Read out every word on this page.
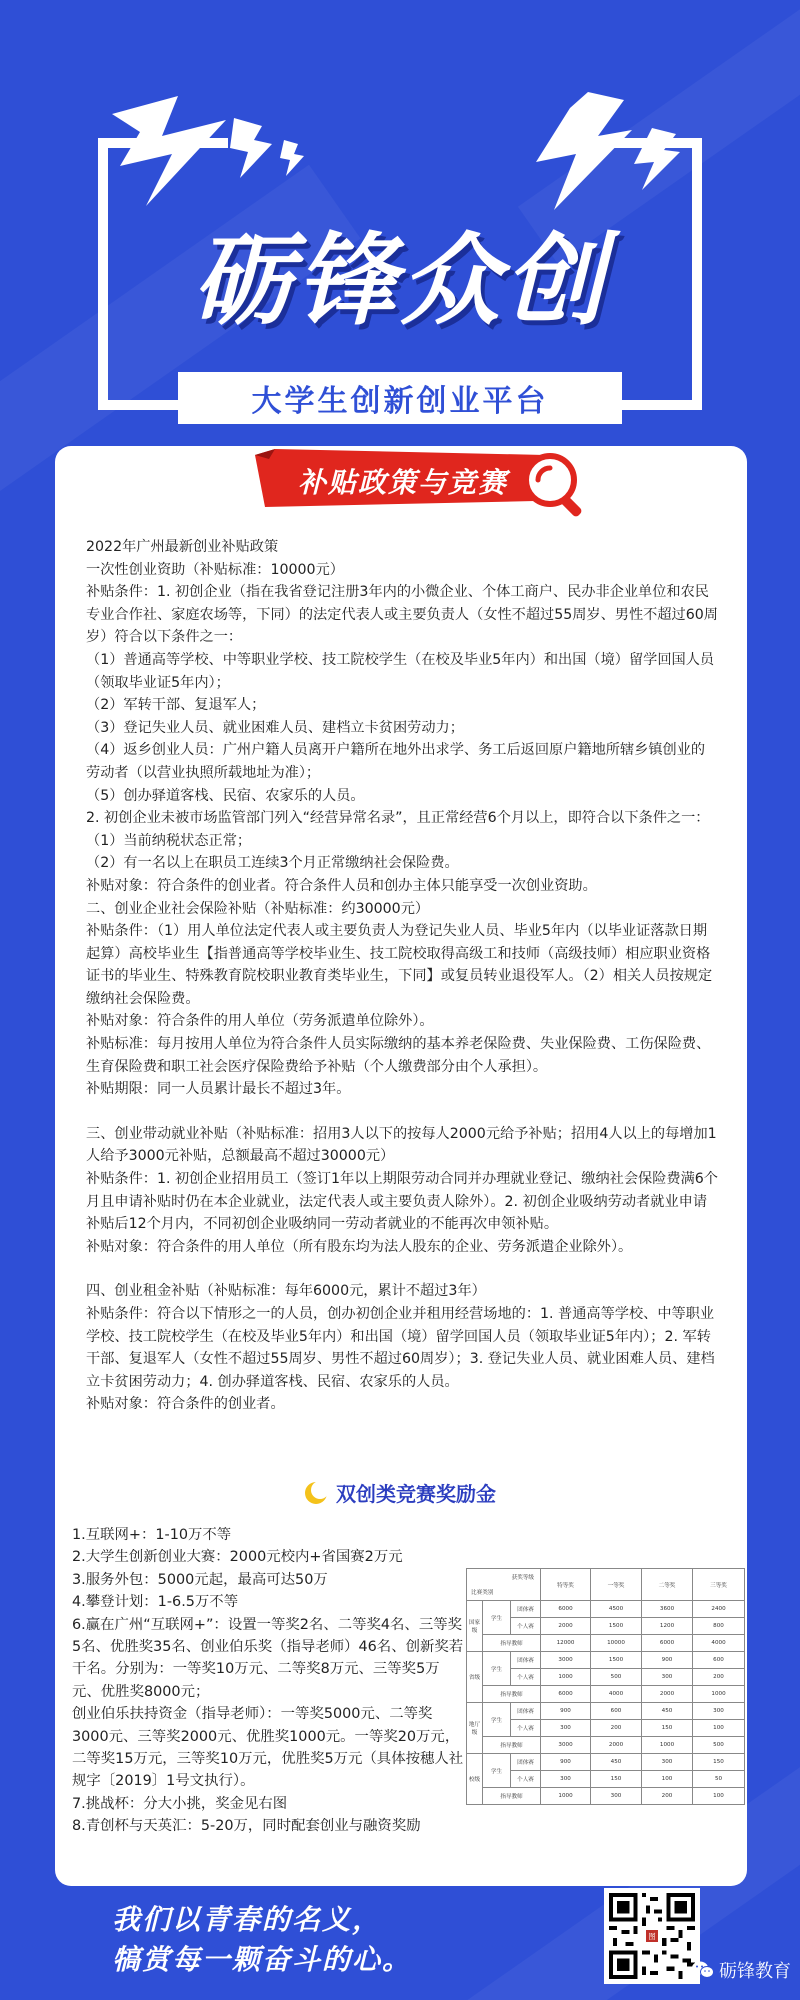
砺锋众创
大学生创新创业平台
补贴政策与竞赛

2022年广州最新创业补贴政策

一次性创业资助（补贴标准：10000元）

补贴条件：1. 初创企业（指在我省登记注册3年内的小微企业、个体工商户、民办非企业单位和农民专业合作社、家庭农场等，下同）的法定代表人或主要负责人（女性不超过55周岁、男性不超过60周岁）符合以下条件之一：

（1）普通高等学校、中等职业学校、技工院校学生（在校及毕业5年内）和出国（境）留学回国人员（领取毕业证5年内）；

（2）军转干部、复退军人；

（3）登记失业人员、就业困难人员、建档立卡贫困劳动力；

（4）返乡创业人员：广州户籍人员离开户籍所在地外出求学、务工后返回原户籍地所辖乡镇创业的劳动者（以营业执照所载地址为准）；

（5）创办驿道客栈、民宿、农家乐的人员。

2. 初创企业未被市场监管部门列入“经营异常名录”，且正常经营6个月以上，即符合以下条件之一：

（1）当前纳税状态正常；

（2）有一名以上在职员工连续3个月正常缴纳社会保险费。

补贴对象：符合条件的创业者。符合条件人员和创办主体只能享受一次创业资助。

二、创业企业社会保险补贴（补贴标准：约30000元）

补贴条件：（1）用人单位法定代表人或主要负责人为登记失业人员、毕业5年内（以毕业证落款日期起算）高校毕业生【指普通高等学校毕业生、技工院校取得高级工和技师（高级技师）相应职业资格证书的毕业生、特殊教育院校职业教育类毕业生，下同】或复员转业退役军人。（2）相关人员按规定缴纳社会保险费。

补贴对象：符合条件的用人单位（劳务派遣单位除外）。

补贴标准：每月按用人单位为符合条件人员实际缴纳的基本养老保险费、失业保险费、工伤保险费、生育保险费和职工社会医疗保险费给予补贴（个人缴费部分由个人承担）。

补贴期限：同一人员累计最长不超过3年。

三、创业带动就业补贴（补贴标准：招用3人以下的按每人2000元给予补贴；招用4人以上的每增加1人给予3000元补贴，总额最高不超过30000元）

补贴条件：1. 初创企业招用员工（签订1年以上期限劳动合同并办理就业登记、缴纳社会保险费满6个月且申请补贴时仍在本企业就业，法定代表人或主要负责人除外）。2. 初创企业吸纳劳动者就业申请补贴后12个月内，不同初创企业吸纳同一劳动者就业的不能再次申领补贴。

补贴对象：符合条件的用人单位（所有股东均为法人股东的企业、劳务派遣企业除外）。

四、创业租金补贴（补贴标准：每年6000元，累计不超过3年）

补贴条件：符合以下情形之一的人员，创办初创企业并租用经营场地的：1. 普通高等学校、中等职业学校、技工院校学生（在校及毕业5年内）和出国（境）留学回国人员（领取毕业证5年内）；2. 军转干部、复退军人（女性不超过55周岁、男性不超过60周岁）；3. 登记失业人员、就业困难人员、建档立卡贫困劳动力；4. 创办驿道客栈、民宿、农家乐的人员。

补贴对象：符合条件的创业者。

双创类竞赛奖励金

1.互联网+：1-10万不等

2.大学生创新创业大赛：2000元校内+省国赛2万元

3.服务外包：5000元起，最高可达50万

4.攀登计划：1-6.5万不等

6.赢在广州“互联网+”：设置一等奖2名、二等奖4名、三等奖5名、优胜奖35名、创业伯乐奖（指导老师）46名、创新奖若干名。分别为：一等奖10万元、二等奖8万元、三等奖5万元、优胜奖8000元；

创业伯乐扶持资金（指导老师）：一等奖5000元、二等奖3000元、三等奖2000元、优胜奖1000元。一等奖20万元，二等奖15万元，三等奖10万元，优胜奖5万元（具体按穗人社规字〔2019〕1号文执行）。

7.挑战杯：分大小挑，奖金见右图

8.青创杯与天英汇：5-20万，同时配套创业与融资奖励

获奖等级
比赛类别			特等奖	一等奖	二等奖	三等奖
国家级	学生	团体赛	6000	4500	3600	2400
		个人赛	2000	1500	1200	800
	指导教师		12000	10000	6000	4000
省级	学生	团体赛	3000	1500	900	600
		个人赛	1000	500	300	200
	指导教师		6000	4000	2000	1000
地厅级	学生	团体赛	900	600	450	300
		个人赛	300	200	150	100
	指导教师		3000	2000	1000	500
校级	学生	团体赛	900	450	300	150
		个人赛	300	150	100	50
	指导教师		1000	300	200	100
我们以青春的名义，
犒赏每一颗奋斗的心。
图
砺锋教育
